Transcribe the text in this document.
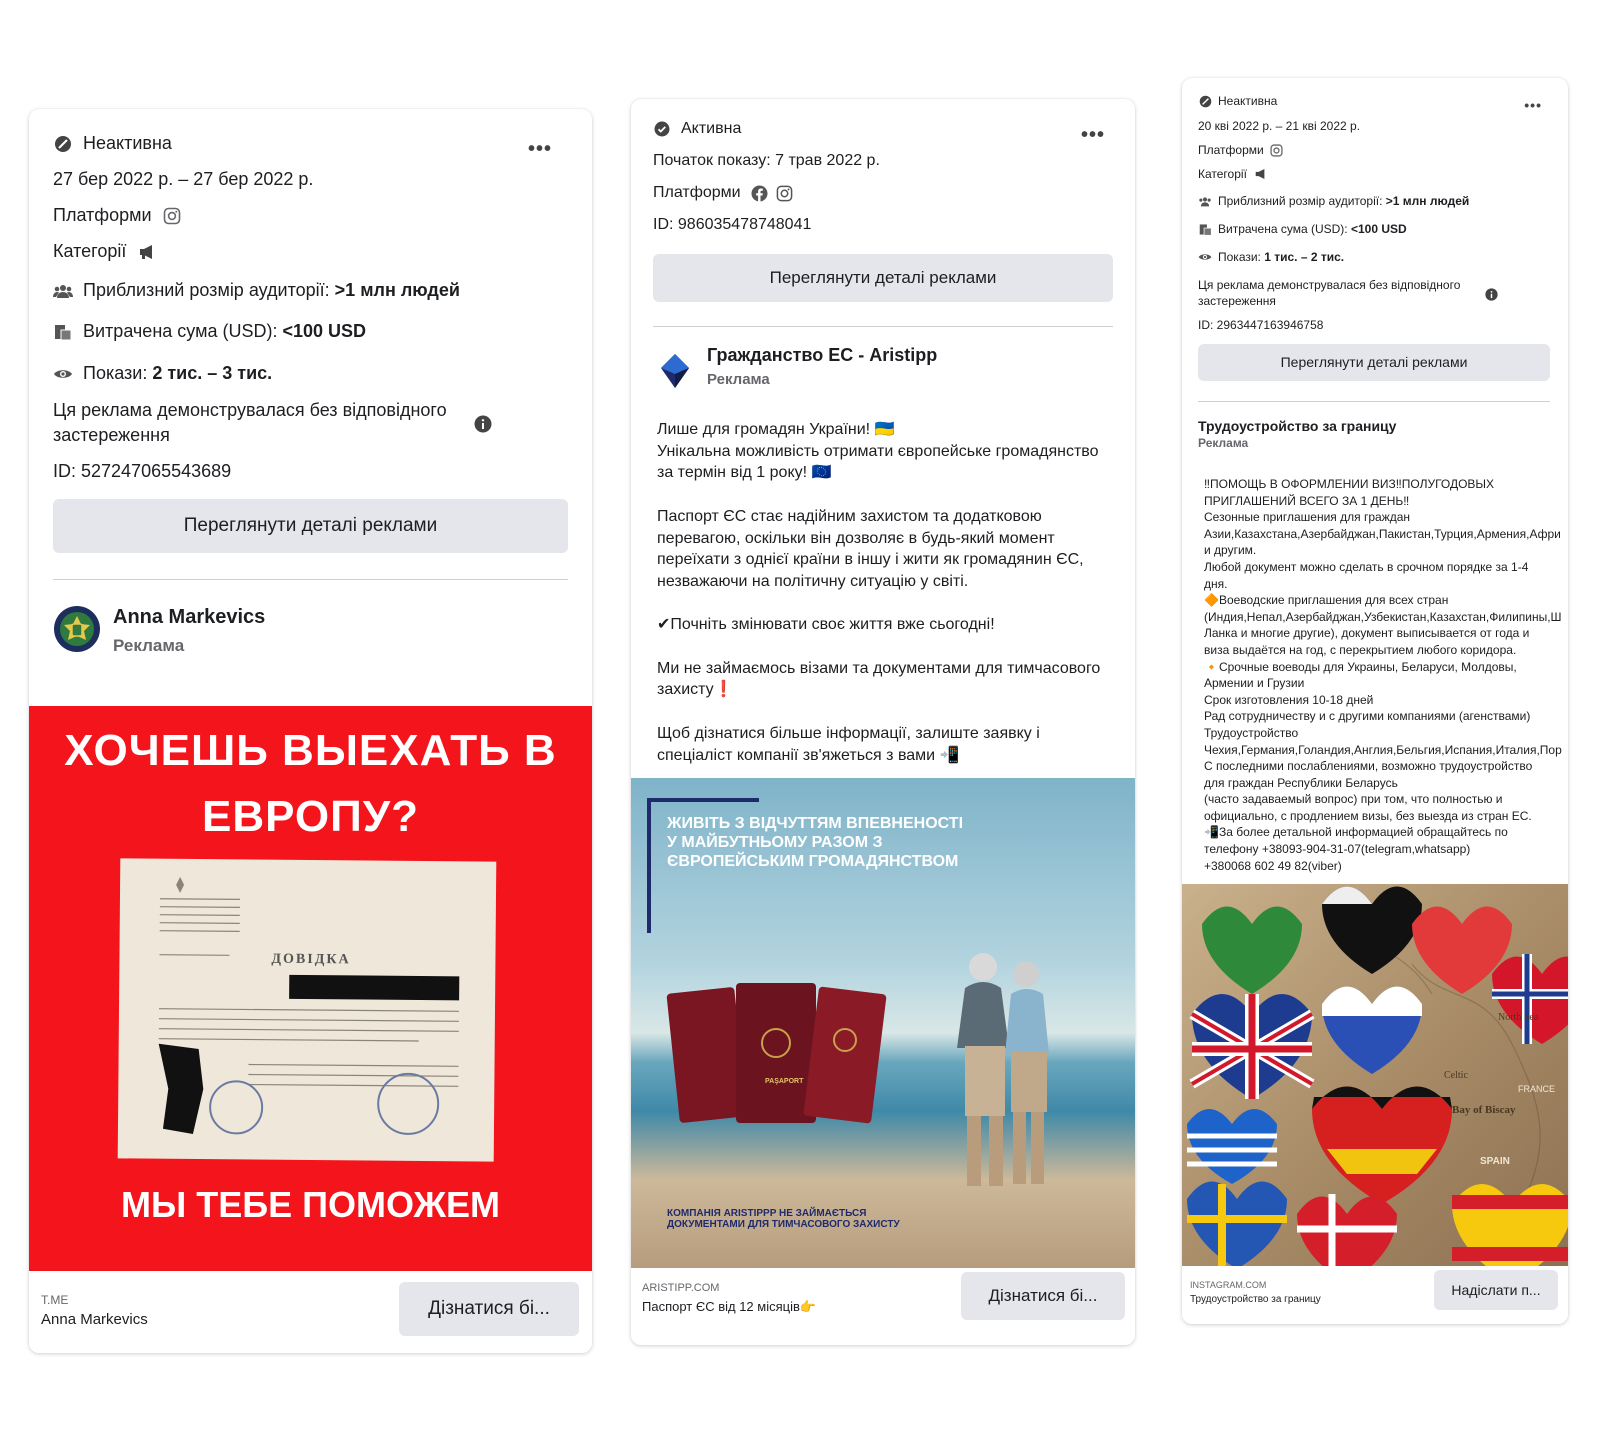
Неактивна	•••
27 бер 2022 р. – 27 бер 2022 р.
Платформи
Категорії
Приблизний розмір аудиторії:
>1 млн людей
Витрачена сума (USD):
<100 USD
Покази:
2 тис. – 3 тис.
Ця реклама демонструвалася без відповідного застереження
ID: 527247065543689
Переглянути деталі реклами
Anna Markevics
Реклама
ХОЧЕШЬ ВЫЕХАТЬ В
ЕВРОПУ?
ДОВІДКА
МЫ ТЕБЕ ПОМОЖЕМ
T.ME
Anna Markevics
Дізнатися бі...
Активна	•••
Початок показу: 7 трав 2022 р.
Платформи
ID: 986035478748041
Переглянути деталі реклами
Гражданство ЕС - Aristipp
Реклама
Лише для громадян України! 🇺🇦
Унікальна можливість отримати європейське громадянство
за термін від 1 року! 🇪🇺

Паспорт ЄС стає надійним захистом та додатковою
перевагою, оскільки він дозволяє в будь-який момент
переїхати з однієї країни в іншу і жити як громадянин ЄС,
незважаючи на політичну ситуацію у світі.

✔Почніть змінювати своє життя вже сьогодні!

Ми не займаємось візами та документами для тимчасового
захисту❗

Щоб дізнатися більше інформації, залиште заявку і
спеціаліст компанії зв'яжеться з вами 📲
ЖИВІТЬ З ВІДЧУТТЯМ ВПЕВНЕНОСТІ У МАЙБУТНЬОМУ РАЗОМ З ЄВРОПЕЙСЬКИМ ГРОМАДЯНСТВОМ
PAŞAPORT
КОМПАНІЯ ARISTIPPP НЕ ЗАЙМАЄТЬСЯ ДОКУМЕНТАМИ ДЛЯ ТИМЧАСОВОГО ЗАХИСТУ
ARISTIPP.COM
Паспорт ЄС від 12 місяців👉
Дізнатися бі...
Неактивна	•••
20 кві 2022 р. – 21 кві 2022 р.
Платформи
Категорії
Приблизний розмір аудиторії:
>1 млн людей
Витрачена сума (USD):
<100 USD
Покази:
1 тис. – 2 тис.
Ця реклама демонструвалася без відповідного застереження
ID: 2963447163946758
Переглянути деталі реклами
Трудоустройство за границу
Реклама
‼ПОМОЩЬ В ОФОРМЛЕНИИ ВИЗ‼ПОЛУГОДОВЫХ
ПРИГЛАШЕНИЙ ВСЕГО ЗА 1 ДЕНЬ‼
Сезонные приглашения для граждан
Азии,Казахстана,Азербайджан,Пакистан,Турция,Армения,Афри
и другим.
Любой документ можно сделать в срочном порядке за 1-4
дня.
🔶Воеводские приглашения для всех стран
(Индия,Непал,Азербайджан,Узбекистан,Казахстан,Филипины,Ш
Ланка и многие другие), документ выписывается от года и
виза выдаётся на год, с перекрытием любого коридора.
🔸Срочные воеводы для Украины, Беларуси, Молдовы,
Армении и Грузии
Срок изготовления 10-18 дней
Рад сотрудничеству и с другими компаниями (агенствами)
Трудоустройство
Чехия,Германия,Голандия,Англия,Бельгия,Испания,Италия,Пор
С последними послаблениями, возможно трудоустройство
для граждан Республики Беларусь
(часто задаваемый вопрос) при том, что полностью и
официально, с продлением визы, без выезда из стран ЕС.
📲За более детальной информацией обращайтесь по
телефону +38093-904-31-07(telegram,whatsapp)
+380068 602 49 82(viber)
Bay of Biscay
SPAIN
Celtic
FRANCE
North Sea
INSTAGRAM.COM
Трудоустройство за границу
Надіслати п...
